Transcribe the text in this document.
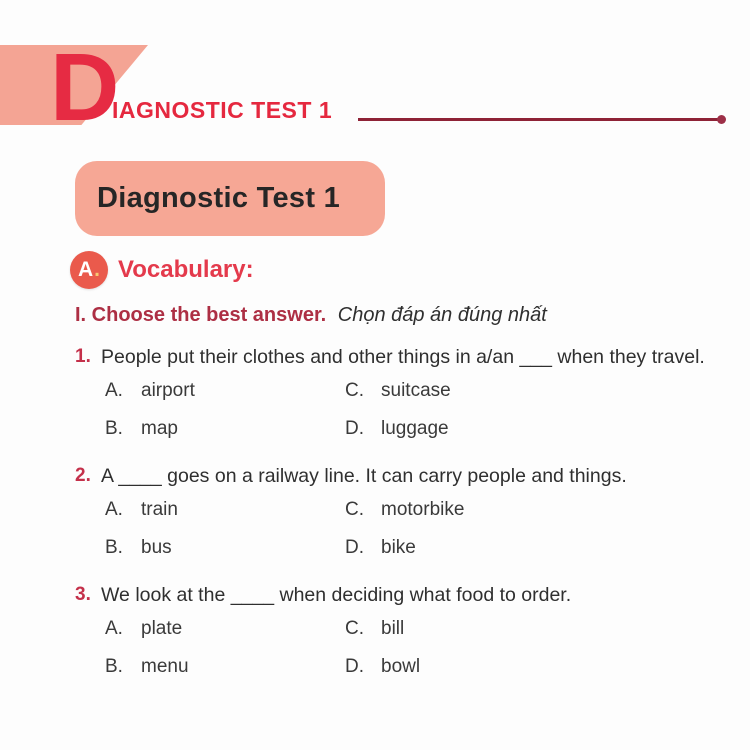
D
IAGNOSTIC TEST 1
Diagnostic Test 1
A . Vocabulary:
I. Choose the best answer. Chọn đáp án đúng nhất
1. People put their clothes and other things in a/an ___ when they travel.
A. airport	C. suitcase
B. map	D. luggage
2. A ____ goes on a railway line. It can carry people and things.
A. train	C. motorbike
B. bus	D. bike
3. We look at the ____ when deciding what food to order.
A. plate	C. bill
B. menu	D. bowl
